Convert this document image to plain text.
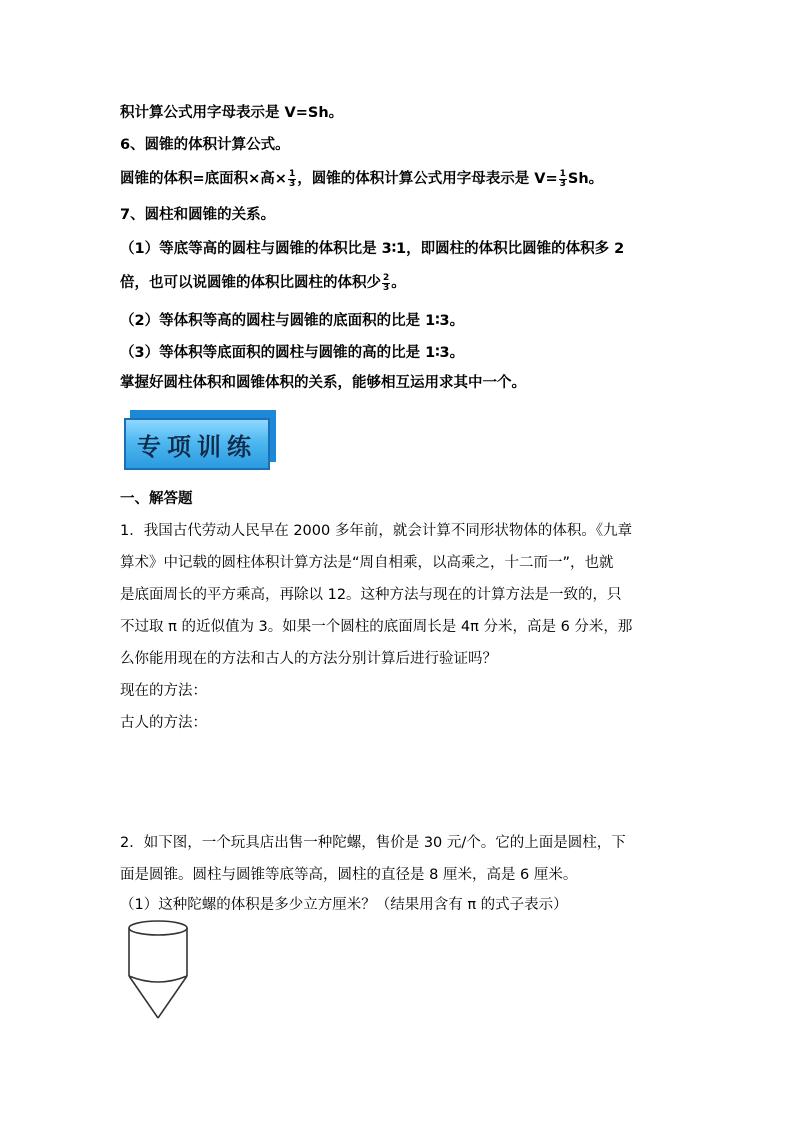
积计算公式用字母表示是 V=Sh。
6、圆锥的体积计算公式。
圆锥的体积=底面积×高× $\frac{1}{3}$ ，圆锥的体积计算公式用字母表示是 $V= \frac{1}{3}$ Sh。
7、圆柱和圆锥的关系。
（1）等底等高的圆柱与圆锥的体积比是 3∶1，即圆柱的体积比圆锥的体积多 2
倍，也可以说圆锥的体积比圆柱的体积少 $\frac{2}{3}$ 。
（2）等体积等高的圆柱与圆锥的底面积的比是 1∶3。
（3）等体积等底面积的圆柱与圆锥的高的比是 1∶3。
掌握好圆柱体积和圆锥体积的关系，能够相互运用求其中一个。
专项训练
一、解答题
1．我国古代劳动人民早在 2000 多年前，就会计算不同形状物体的体积。《九章
算术》中记载的圆柱体积计算方法是“周自相乘，以高乘之，十二而一”，也就
是底面周长的平方乘高，再除以 12。这种方法与现在的计算方法是一致的，只
不过取 π 的近似值为 3。如果一个圆柱的底面周长是 4π 分米，高是 6 分米，那
么你能用现在的方法和古人的方法分别计算后进行验证吗？
现在的方法：
古人的方法：
2．如下图，一个玩具店出售一种陀螺，售价是 30 元/个。它的上面是圆柱，下
面是圆锥。圆柱与圆锥等底等高，圆柱的直径是 8 厘米，高是 6 厘米。
（1）这种陀螺的体积是多少立方厘米？（结果用含有 π 的式子表示）
